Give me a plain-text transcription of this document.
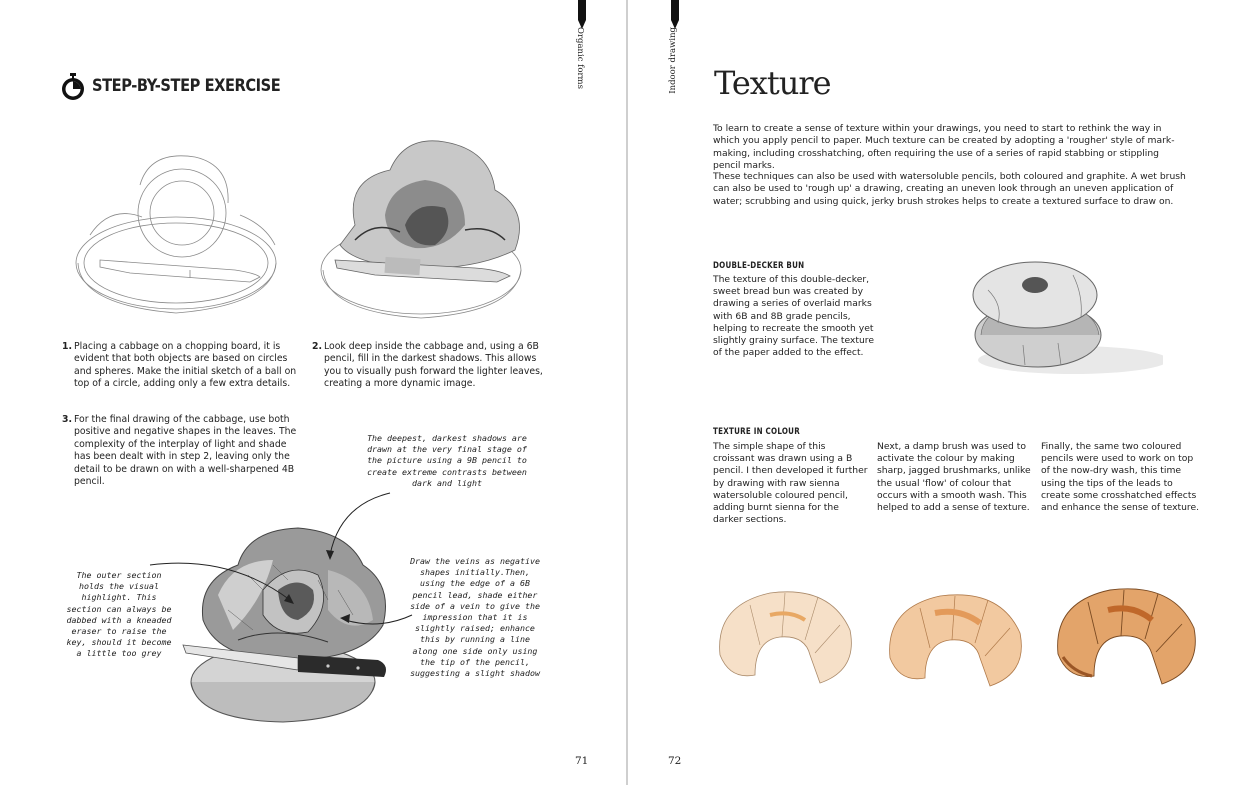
Organic forms
STEP-BY-STEP EXERCISE
1. Placing a cabbage on a chopping board, it is evident that both objects are based on circles and spheres. Make the initial sketch of a ball on top of a circle, adding only a few extra details.
2. Look deep inside the cabbage and, using a 6B pencil, fill in the darkest shadows. This allows you to visually push forward the lighter leaves, creating a more dynamic image.
3. For the final drawing of the cabbage, use both positive and negative shapes in the leaves. The complexity of the interplay of light and shade has been dealt with in step 2, leaving only the detail to be drawn on with a well-sharpened 4B pencil.
The deepest, darkest shadows are drawn at the very final stage of the picture using a 9B pencil to create extreme contrasts between dark and light
The outer section holds the visual highlight. This section can always be dabbed with a kneaded eraser to raise the key, should it become a little too grey
Draw the veins as negative shapes initially.Then, using the edge of a 6B pencil lead, shade either side of a vein to give the impression that it is slightly raised; enhance this by running a line along one side only using the tip of the pencil, suggesting a slight shadow
71
Indoor drawing Texture
To learn to create a sense of texture within your drawings, you need to start to rethink the way in which you apply pencil to paper. Much texture can be created by adopting a 'rougher' style of mark-making, including crosshatching, often requiring the use of a series of rapid stabbing or stippling pencil marks.
These techniques can also be used with watersoluble pencils, both coloured and graphite. A wet brush can also be used to 'rough up' a drawing, creating an uneven look through an uneven application of water; scrubbing and using quick, jerky brush strokes helps to create a textured surface to draw on.
DOUBLE-DECKER BUN
The texture of this double-decker, sweet bread bun was created by drawing a series of overlaid marks with 6B and 8B grade pencils, helping to recreate the smooth yet slightly grainy surface. The texture of the paper added to the effect.
TEXTURE IN COLOUR
The simple shape of this croissant was drawn using a B pencil. I then developed it further by drawing with raw sienna watersoluble coloured pencil, adding burnt sienna for the darker sections.
Next, a damp brush was used to activate the colour by making sharp, jagged brushmarks, unlike the usual 'flow' of colour that occurs with a smooth wash. This helped to add a sense of texture.
Finally, the same two coloured pencils were used to work on top of the now-dry wash, this time using the tips of the leads to create some crosshatched effects and enhance the sense of texture.
72
